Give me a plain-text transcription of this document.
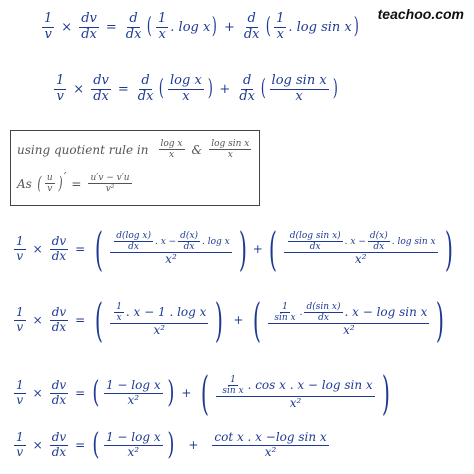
teachoo.com
$\frac{1}{v} \times \frac{dv}{dx} = \frac{d}{dx}$ ( $\frac{1}{x}$ . log x ) + $\frac{d}{dx}$ ( $\frac{1}{x}$ . log sin x )
$\frac{1}{v} \times \frac{dv}{dx} = \frac{d}{dx}$ ( $\frac{\text{log x}}{x}$ ) + $\frac{d}{dx}$ ( $\frac{\text{log sin x}}{x}$ )
using quotient rule in $\frac{\text{log x}}{x}$ & $\frac{\text{log sin x}}{x}$
As ( $\frac{u}{v}$ ) ′ = $\frac{u'v - v'u}{\text{v²}}$
$\frac{1}{v} \times \frac{dv}{dx}$ = ( $\frac{\frac{\text{d(log x)}}{dx} . x - \frac{d(x)}{dx} . \log x}{\text{x²}}$ ) + ( $\frac{\frac{\text{d(log sin x)}}{dx} . x - \frac{d(x)}{dx} . \log \sin x}{\text{x²}}$ )
$\frac{1}{v} \times \frac{dv}{dx}$ = ( $\frac{\frac{1}{x} . x - 1 . \log x}{\text{x²}}$ ) + ( $\frac{\frac{1}{\text{sin x}} . \frac{\text{d(sin x)}}{dx} . x - \log \sin x}{\text{x²}}$ )
$\frac{1}{v} \times \frac{dv}{dx}$ = ( $\frac{\text{1 − log x}}{\text{x²}}$ ) + ( $\frac{\frac{1}{\text{sin x}} . \cos x . x - \log \sin x}{\text{x²}}$ )
$\frac{1}{v} \times \frac{dv}{dx}$ = ( $\frac{\text{1 − log x}}{\text{x²}}$ ) + $\frac{\text{cot x . x −log sin x}}{\text{x²}}$
